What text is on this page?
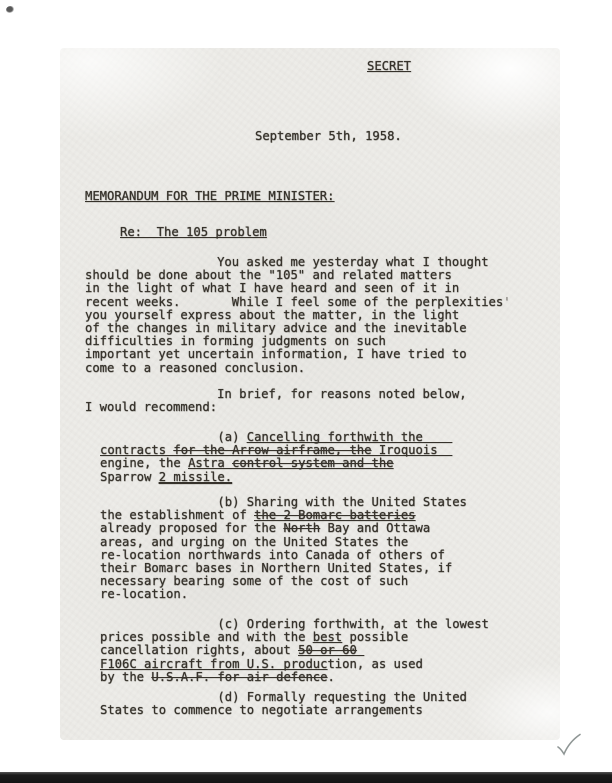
SECRET
September 5th, 1958.
MEMORANDUM FOR THE PRIME MINISTER:
Re:  The 105 problem
You asked me yesterday what I thought
should be done about the "105" and related matters
in the light of what I have heard and seen of it in
recent weeks.       While I feel some of the perplexities'
you yourself express about the matter, in the light
of the changes in military advice and the inevitable
difficulties in forming judgments on such
important yet uncertain information, I have tried to
come to a reasoned conclusion.
In brief, for reasons noted below,
I would recommend:
(a) Cancelling forthwith the
contracts for the Arrow airframe, the Iroquois
engine, the Astra control system and the
Sparrow 2 missile.
(b) Sharing with the United States
the establishment of the 2 Bomarc batteries
already proposed for the North Bay and Ottawa
areas, and urging on the United States the
re-location northwards into Canada of others of
their Bomarc bases in Northern United States, if
necessary bearing some of the cost of such
re-location.
(c) Ordering forthwith, at the lowest
prices possible and with the best possible
cancellation rights, about 50 or 60
F106C aircraft from U.S. production, as used
by the U.S.A.F. for air defence.
(d) Formally requesting the United
States to commence to negotiate arrangements
